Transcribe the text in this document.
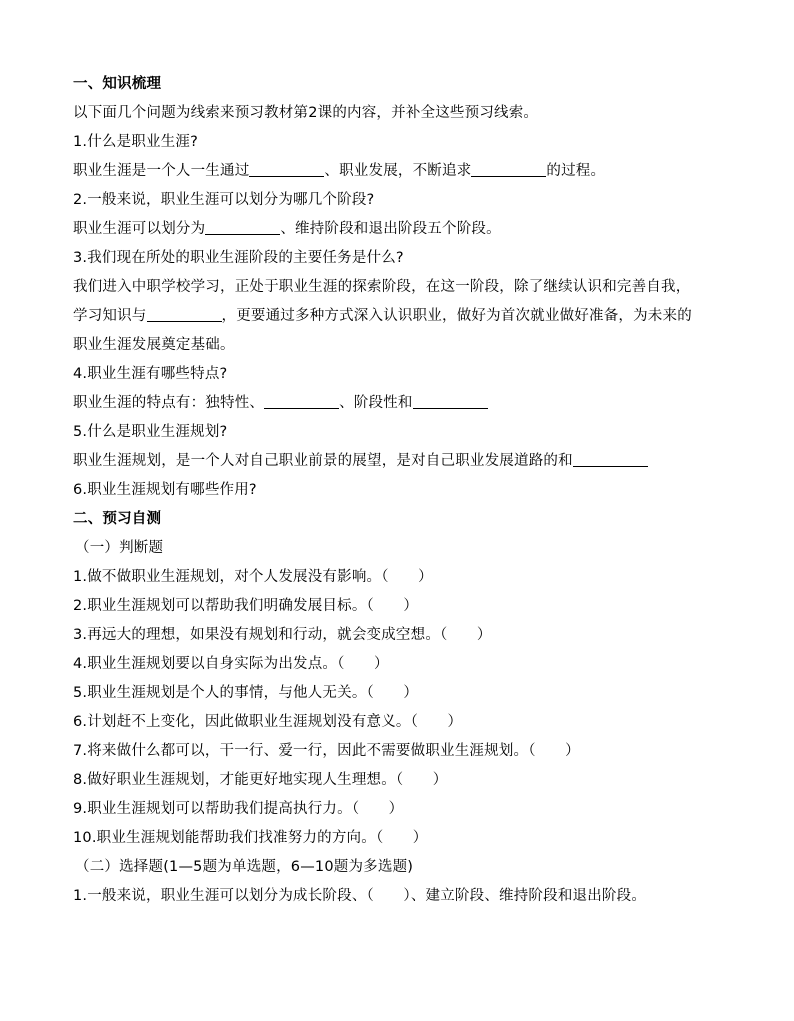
一、知识梳理
以下面几个问题为线索来预习教材第2课的内容，并补全这些预习线索。
1.什么是职业生涯?
职业生涯是一个人一生通过	、职业发展，不断追求	的过程。
2.一般来说，职业生涯可以划分为哪几个阶段?
职业生涯可以划分为	、维持阶段和退出阶段五个阶段。
3.我们现在所处的职业生涯阶段的主要任务是什么?
我们进入中职学校学习，正处于职业生涯的探索阶段，在这一阶段，除了继续认识和完善自我，
学习知识与	，更要通过多种方式深入认识职业，做好为首次就业做好准备，为未来的
职业生涯发展奠定基础。
4.职业生涯有哪些特点?
职业生涯的特点有：独特性、	、阶段性和
5.什么是职业生涯规划?
职业生涯规划，是一个人对自己职业前景的展望，是对自己职业发展道路的和
6.职业生涯规划有哪些作用?
二、预习自测
（一）判断题
1.做不做职业生涯规划，对个人发展没有影响。（　　）
2.职业生涯规划可以帮助我们明确发展目标。（　　）
3.再远大的理想，如果没有规划和行动，就会变成空想。（　　）
4.职业生涯规划要以自身实际为出发点。（　　）
5.职业生涯规划是个人的事情，与他人无关。（　　）
6.计划赶不上变化，因此做职业生涯规划没有意义。（　　）
7.将来做什么都可以，干一行、爱一行，因此不需要做职业生涯规划。（　　）
8.做好职业生涯规划，才能更好地实现人生理想。（　　）
9.职业生涯规划可以帮助我们提高执行力。（　　）
10.职业生涯规划能帮助我们找准努力的方向。（　　）
（二）选择题(1—5题为单选题，6—10题为多选题)
1.一般来说，职业生涯可以划分为成长阶段、（　　）、建立阶段、维持阶段和退出阶段。
